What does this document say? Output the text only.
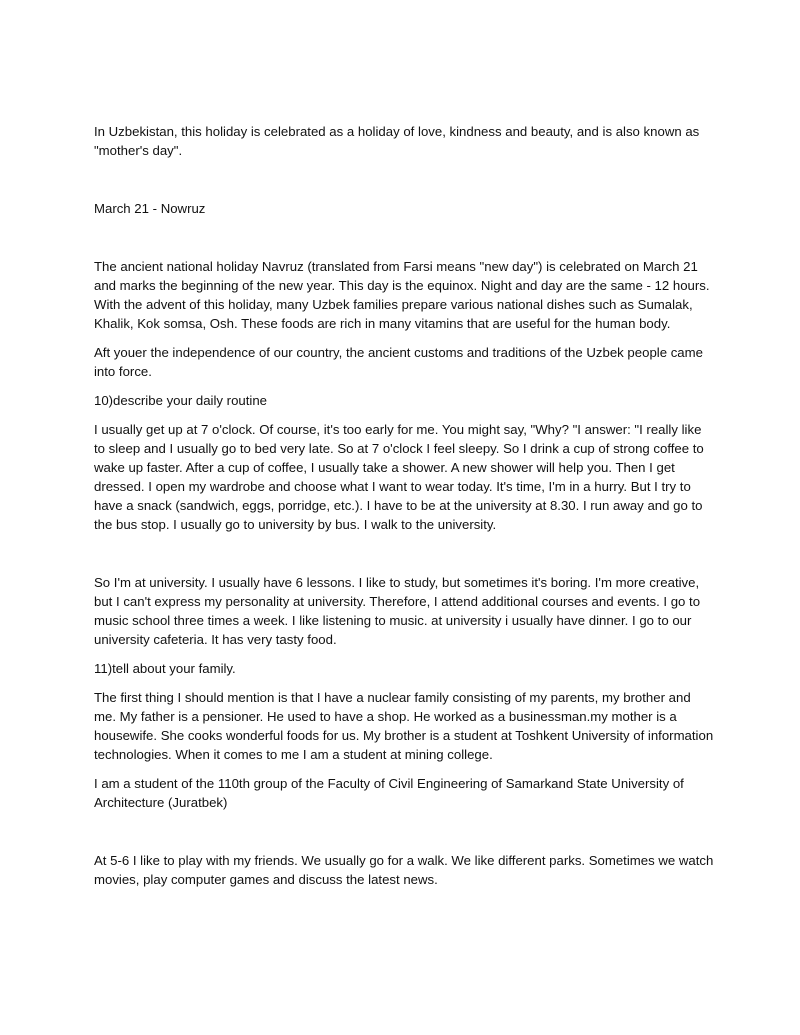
In Uzbekistan, this holiday is celebrated as a holiday of love, kindness and beauty, and is also known as "mother's day".

March 21 - Nowruz

The ancient national holiday Navruz (translated from Farsi means "new day") is celebrated on March 21 and marks the beginning of the new year. This day is the equinox. Night and day are the same - 12 hours. With the advent of this holiday, many Uzbek families prepare various national dishes such as Sumalak, Khalik, Kok somsa, Osh. These foods are rich in many vitamins that are useful for the human body.

Aft youer the independence of our country, the ancient customs and traditions of the Uzbek people came into force.

10)describe your daily routine

I usually get up at 7 o'clock. Of course, it's too early for me. You might say, "Why? "I answer: "I really like to sleep and I usually go to bed very late. So at 7 o'clock I feel sleepy. So I drink a cup of strong coffee to wake up faster. After a cup of coffee, I usually take a shower. A new shower will help you. Then I get dressed. I open my wardrobe and choose what I want to wear today. It's time, I'm in a hurry. But I try to have a snack (sandwich, eggs, porridge, etc.). I have to be at the university at 8.30. I run away and go to the bus stop. I usually go to university by bus. I walk to the university.

So I'm at university. I usually have 6 lessons. I like to study, but sometimes it's boring. I'm more creative, but I can't express my personality at university. Therefore, I attend additional courses and events. I go to music school three times a week. I like listening to music. at university i usually have dinner. I go to our university cafeteria. It has very tasty food.

11)tell about your family.

The first thing I should mention is that I have a nuclear family consisting of my parents, my brother and me. My father is a pensioner. He used to have a shop. He worked as a businessman.my mother is a housewife. She cooks wonderful foods for us. My brother is a student at Toshkent University of information technologies. When it comes to me I am a student at mining college.

I am a student of the 110th group of the Faculty of Civil Engineering of Samarkand State University of Architecture (Juratbek)

At 5-6 I like to play with my friends. We usually go for a walk. We like different parks. Sometimes we watch movies, play computer games and discuss the latest news.
